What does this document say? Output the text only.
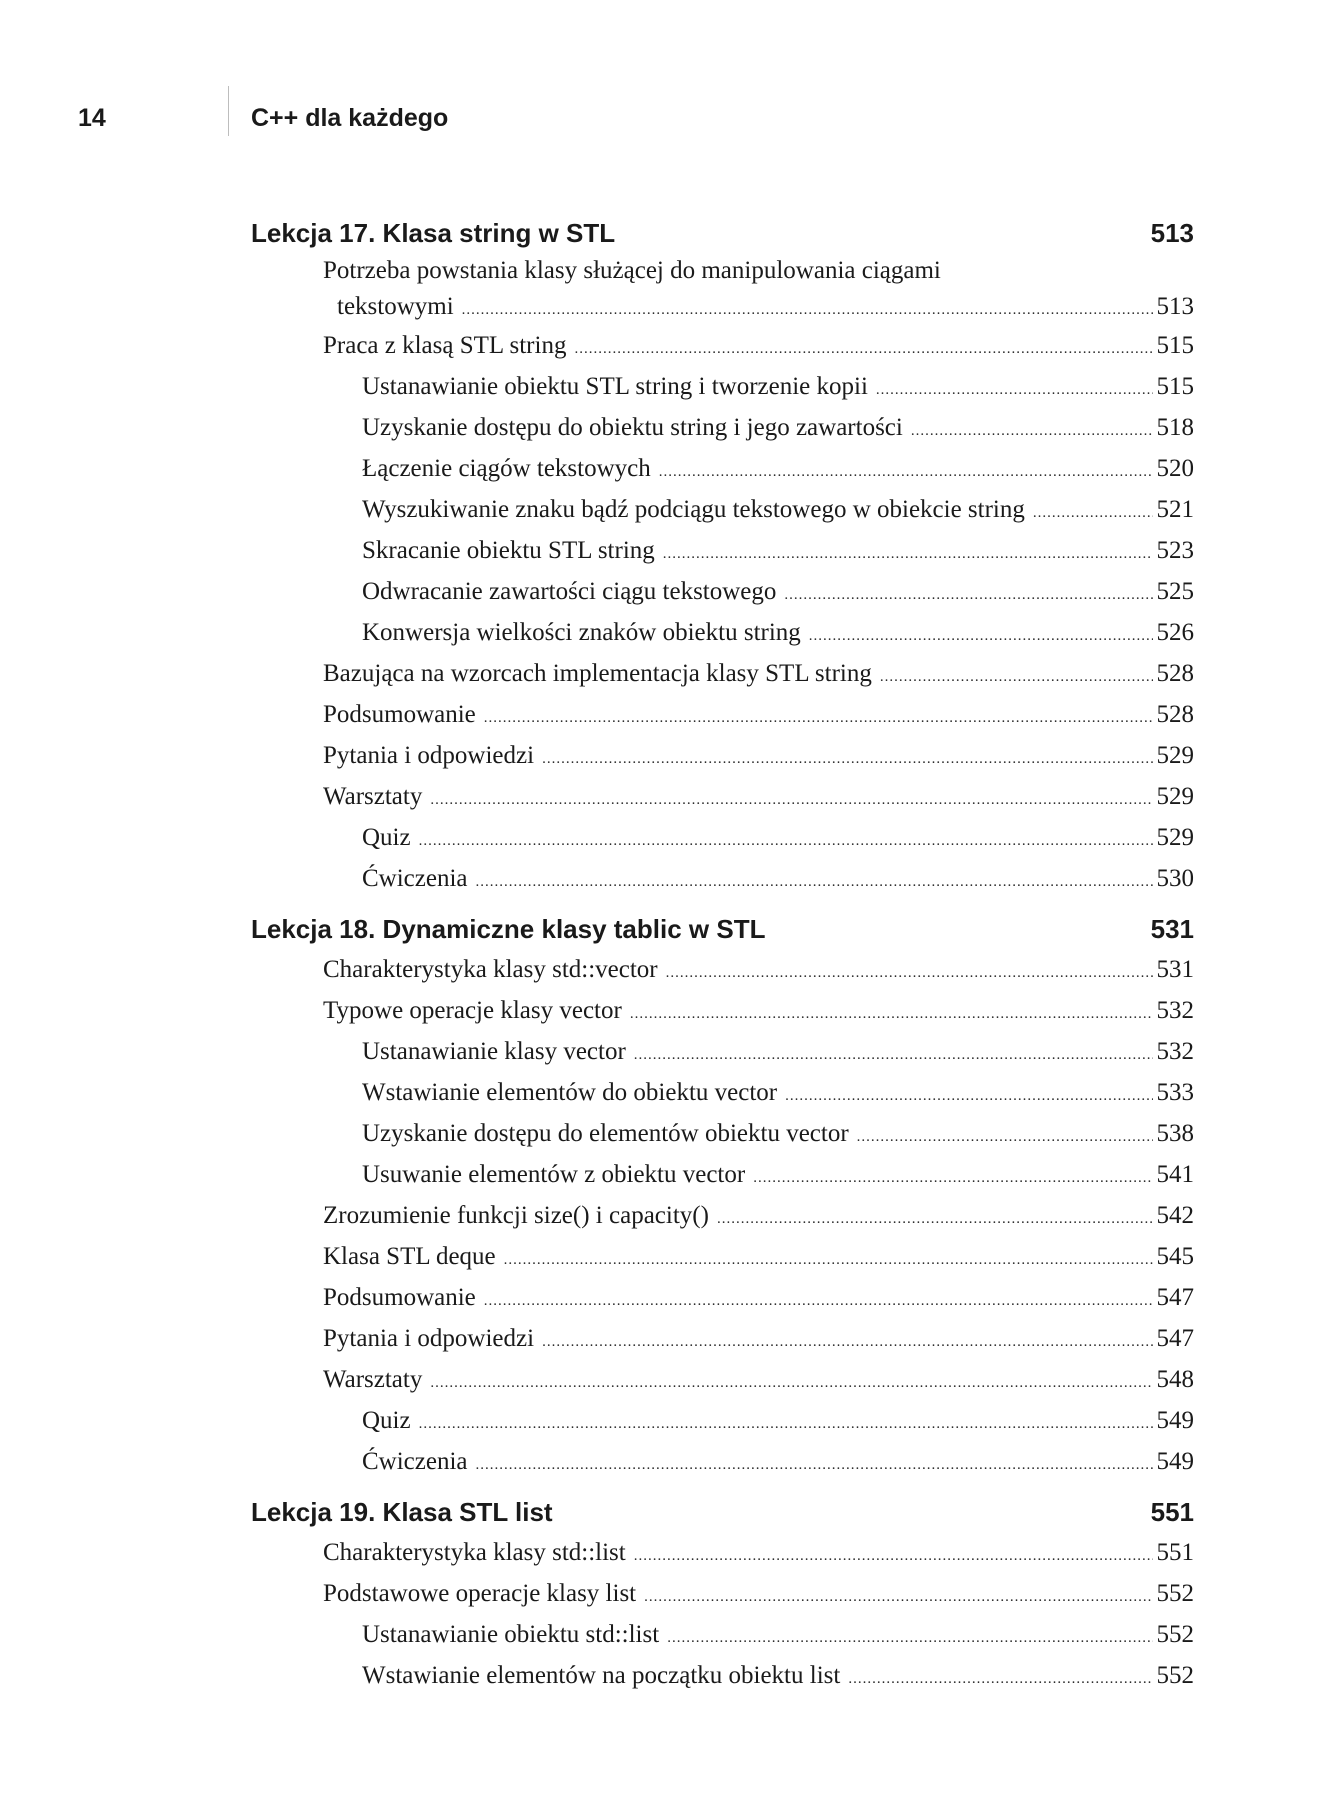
14	C++ dla każdego
Lekcja 17. Klasa string w STL	513
Potrzeba powstania klasy służącej do manipulowania ciągami
tekstowymi .....	513
Praca z klasą STL string .....	515
Ustanawianie obiektu STL string i tworzenie kopii .....	515
Uzyskanie dostępu do obiektu string i jego zawartości .....	518
Łączenie ciągów tekstowych .....	520
Wyszukiwanie znaku bądź podciągu tekstowego w obiekcie string .....	521
Skracanie obiektu STL string .....	523
Odwracanie zawartości ciągu tekstowego .....	525
Konwersja wielkości znaków obiektu string .....	526
Bazująca na wzorcach implementacja klasy STL string .....	528
Podsumowanie .....	528
Pytania i odpowiedzi .....	529
Warsztaty .....	529
Quiz .....	529
Ćwiczenia .....	530
Lekcja 18. Dynamiczne klasy tablic w STL	531
Charakterystyka klasy std::vector .....	531
Typowe operacje klasy vector .....	532
Ustanawianie klasy vector .....	532
Wstawianie elementów do obiektu vector .....	533
Uzyskanie dostępu do elementów obiektu vector .....	538
Usuwanie elementów z obiektu vector .....	541
Zrozumienie funkcji size() i capacity() .....	542
Klasa STL deque .....	545
Podsumowanie .....	547
Pytania i odpowiedzi .....	547
Warsztaty .....	548
Quiz .....	549
Ćwiczenia .....	549
Lekcja 19. Klasa STL list	551
Charakterystyka klasy std::list .....	551
Podstawowe operacje klasy list .....	552
Ustanawianie obiektu std::list .....	552
Wstawianie elementów na początku obiektu list .....	552
